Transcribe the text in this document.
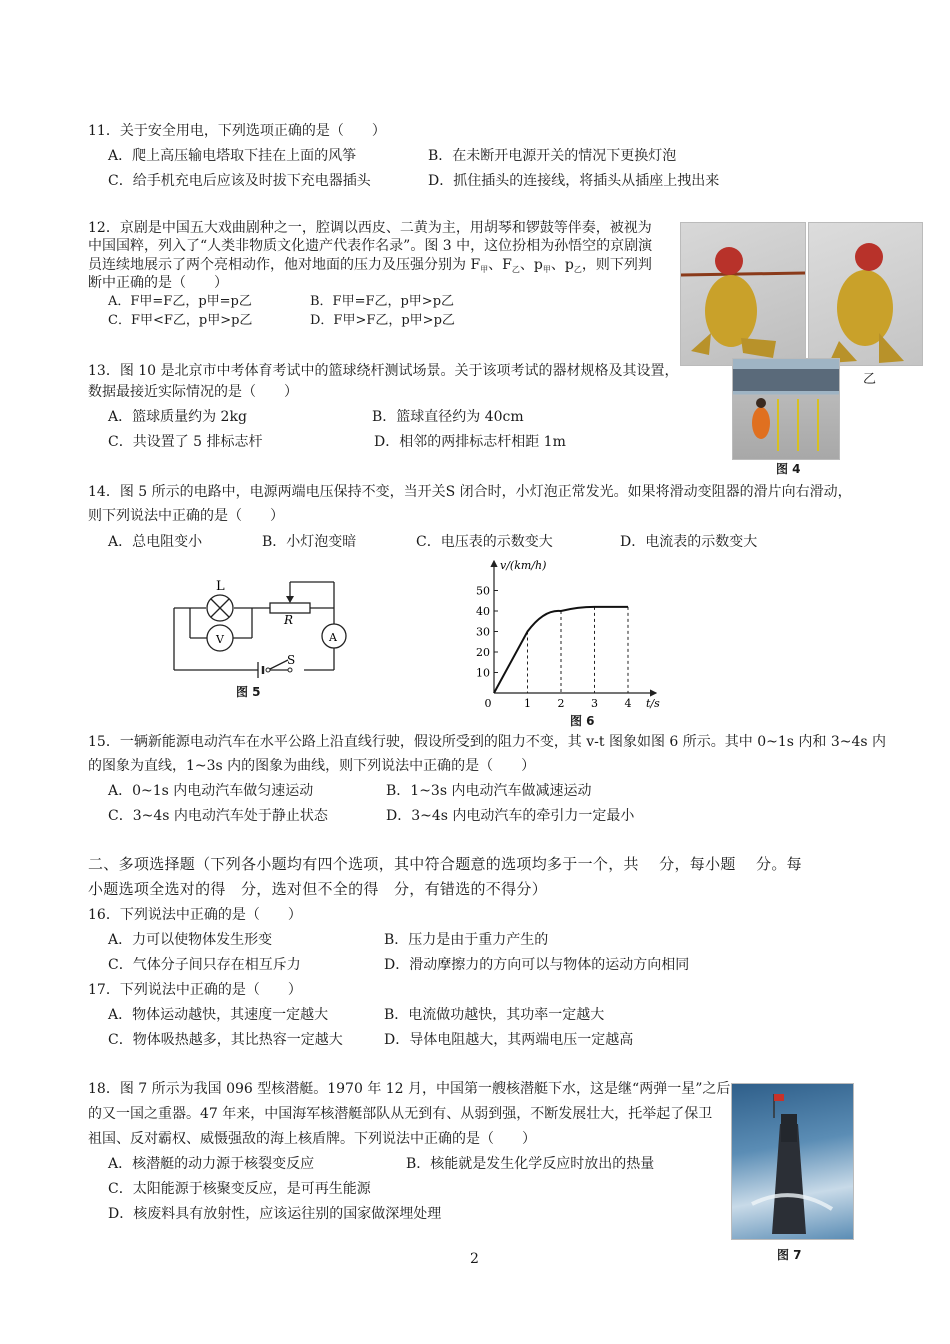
11．关于安全用电，下列选项正确的是（　　）
A．爬上高压输电塔取下挂在上面的风筝	B．在未断开电源开关的情况下更换灯泡
C．给手机充电后应该及时拔下充电器插头	D．抓住插头的连接线，将插头从插座上拽出来
12．京剧是中国五大戏曲剧种之一，腔调以西皮、二黄为主，用胡琴和锣鼓等伴奏，被视为
中国国粹，列入了“人类非物质文化遗产代表作名录”。图 3 中，这位扮相为孙悟空的京剧演
员连续地展示了两个亮相动作，他对地面的压力及压强分别为 $F_甲$、$F_乙$、$p_甲$、$p_乙$，则下列判
断中正确的是（　　）
A．F甲=F乙，p甲=p乙	B．F甲=F乙，p甲>p乙
C．F甲<F乙，p甲>p乙	D．F甲>F乙，p甲>p乙
乙
13．图 10 是北京市中考体育考试中的篮球绕杆测试场景。关于该项考试的器材规格及其设置，
数据最接近实际情况的是（　　）
A．篮球质量约为 2kg	B．篮球直径约为 40cm
C．共设置了 5 排标志杆	D．相邻的两排标志杆相距 1m
图 4
14．图 5 所示的电路中，电源两端电压保持不变，当开关S 闭合时，小灯泡正常发光。如果将滑动变阻器的滑片向右滑动，
则下列说法中正确的是（　　）
A．总电阻变小	B．小灯泡变暗	C．电压表的示数变大	D．电流表的示数变大
L
R
V	A
S
图 5
10
20
30
40
50
0	1 2 3 4
v/(km/h)
t/s
图 6
15．一辆新能源电动汽车在水平公路上沿直线行驶，假设所受到的阻力不变，其 v-t 图象如图 6 所示。其中 0~1s 内和 3~4s 内
的图象为直线，1~3s 内的图象为曲线，则下列说法中正确的是（　　）
A．0~1s 内电动汽车做匀速运动	B．1~3s 内电动汽车做减速运动
C．3~4s 内电动汽车处于静止状态	D．3~4s 内电动汽车的牵引力一定最小
二、多项选择题（下列各小题均有四个选项，其中符合题意的选项均多于一个，共　 分，每小题　 分。每
小题选项全选对的得　分，选对但不全的得　分，有错选的不得分）
16．下列说法中正确的是（　　）
A．力可以使物体发生形变	B．压力是由于重力产生的
C．气体分子间只存在相互斥力	D．滑动摩擦力的方向可以与物体的运动方向相同
17．下列说法中正确的是（　　）
A．物体运动越快，其速度一定越大	B．电流做功越快，其功率一定越大
C．物体吸热越多，其比热容一定越大	D．导体电阻越大，其两端电压一定越高
18．图 7 所示为我国 096 型核潜艇。1970 年 12 月，中国第一艘核潜艇下水，这是继“两弹一星”之后
的又一国之重器。47 年来，中国海军核潜艇部队从无到有、从弱到强，不断发展壮大，托举起了保卫
祖国、反对霸权、威慑强敌的海上核盾牌。下列说法中正确的是（　　）
A．核潜艇的动力源于核裂变反应	B．核能就是发生化学反应时放出的热量
C．太阳能源于核聚变反应，是可再生能源
D．核废料具有放射性，应该运往别的国家做深埋处理
图 7
2
